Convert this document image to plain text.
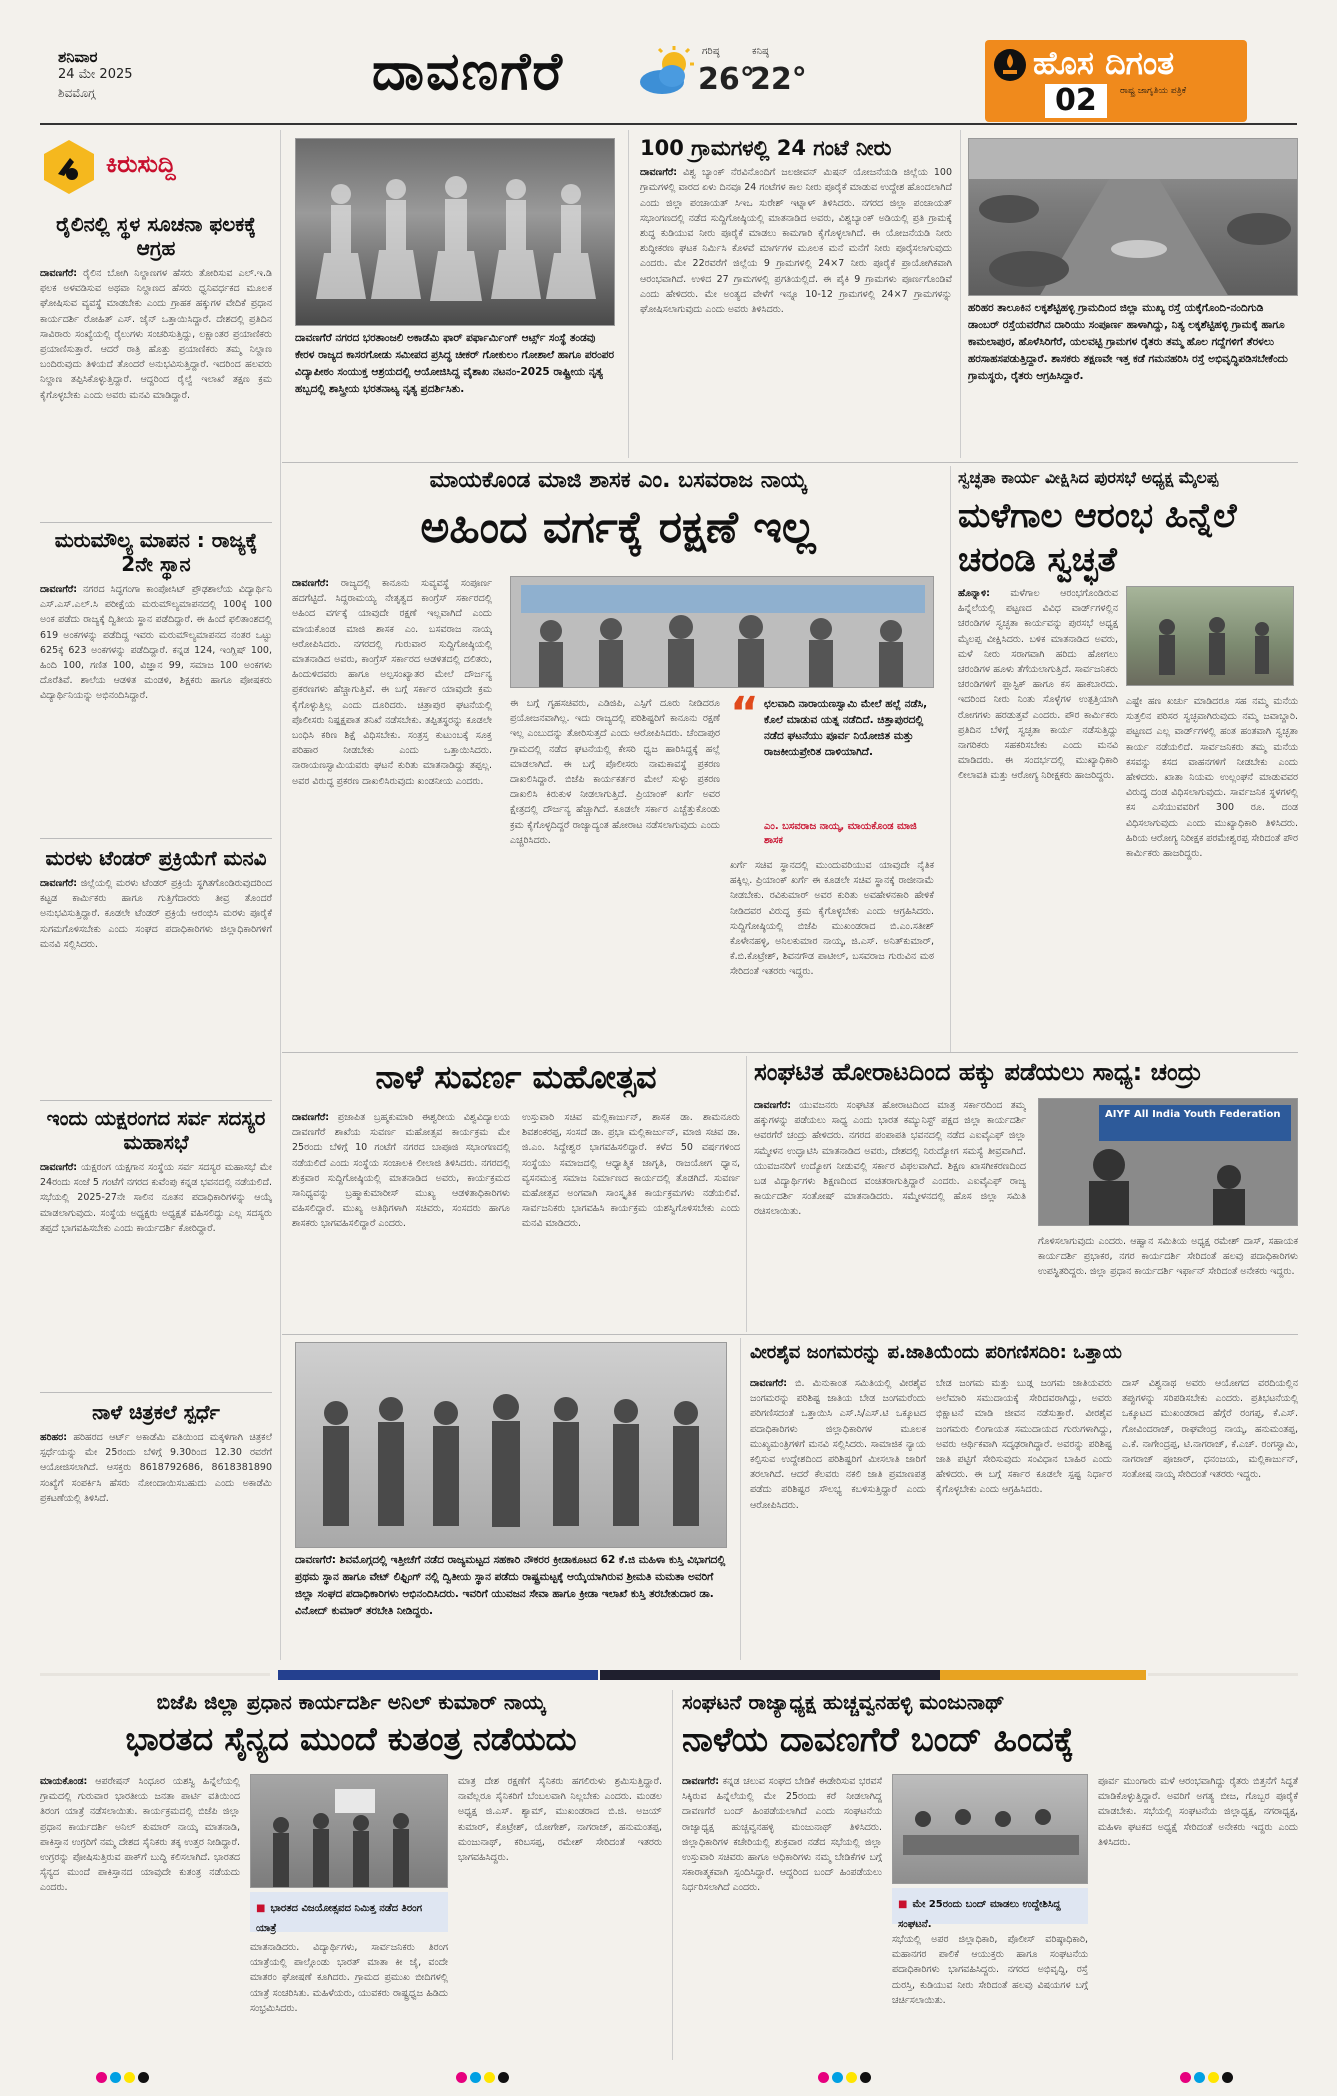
ಶನಿವಾರ
24 ಮೇ 2025
ಶಿವಮೊಗ್ಗ	ದಾವಣಗೆರೆ	ಗರಿಷ್ಠ
26°
ಕನಿಷ್ಠ
22°	ಹೊಸ ದಿಗಂತ
ರಾಷ್ಟ್ರ ಜಾಗೃತಿಯ ಪತ್ರಿಕೆ
02
ಕಿರುಸುದ್ದಿ
ರೈಲಿನಲ್ಲಿ ಸ್ಥಳ ಸೂಚನಾ ಫಲಕಕ್ಕೆ ಆಗ್ರಹ
ದಾವಣಗೆರೆ: ರೈಲಿನ ಬೋಗಿ ನಿಲ್ದಾಣಗಳ ಹೆಸರು ತೋರಿಸುವ ಎಲ್.ಇ.ಡಿ ಫಲಕ ಅಳವಡಿಸುವ ಅಥವಾ ನಿಲ್ದಾಣದ ಹೆಸರು ಧ್ವನಿವರ್ಧಕದ ಮೂಲಕ ಘೋಷಿಸುವ ವ್ಯವಸ್ಥೆ ಮಾಡಬೇಕು ಎಂದು ಗ್ರಾಹಕ ಹಕ್ಕುಗಳ ವೇದಿಕೆ ಪ್ರಧಾನ ಕಾರ್ಯದರ್ಶಿ ರೋಹಿತ್ ಎಸ್. ಜೈನ್ ಒತ್ತಾಯಿಸಿದ್ದಾರೆ. ದೇಶದಲ್ಲಿ ಪ್ರತಿದಿನ ಸಾವಿರಾರು ಸಂಖ್ಯೆಯಲ್ಲಿ ರೈಲುಗಳು ಸಂಚರಿಸುತ್ತಿದ್ದು, ಲಕ್ಷಾಂತರ ಪ್ರಯಾಣಿಕರು ಪ್ರಯಾಣಿಸುತ್ತಾರೆ. ಆದರೆ ರಾತ್ರಿ ಹೊತ್ತು ಪ್ರಯಾಣಿಕರು ತಮ್ಮ ನಿಲ್ದಾಣ ಬಂದಿರುವುದು ತಿಳಿಯದೆ ತೊಂದರೆ ಅನುಭವಿಸುತ್ತಿದ್ದಾರೆ. ಇದರಿಂದ ಹಲವರು ನಿಲ್ದಾಣ ತಪ್ಪಿಸಿಕೊಳ್ಳುತ್ತಿದ್ದಾರೆ. ಆದ್ದರಿಂದ ರೈಲ್ವೆ ಇಲಾಖೆ ತಕ್ಷಣ ಕ್ರಮ ಕೈಗೊಳ್ಳಬೇಕು ಎಂದು ಅವರು ಮನವಿ ಮಾಡಿದ್ದಾರೆ.
ಮರುಮೌಲ್ಯ ಮಾಪನ : ರಾಜ್ಯಕ್ಕೆ 2ನೇ ಸ್ಥಾನ
ದಾವಣಗೆರೆ: ನಗರದ ಸಿದ್ಧಗಂಗಾ ಕಾಂಪೋಸಿಟ್ ಪ್ರೌಢಶಾಲೆಯ ವಿದ್ಯಾರ್ಥಿನಿ ಎಸ್.ಎಸ್.ಎಲ್.ಸಿ ಪರೀಕ್ಷೆಯ ಮರುಮೌಲ್ಯಮಾಪನದಲ್ಲಿ 100ಕ್ಕೆ 100 ಅಂಕ ಪಡೆದು ರಾಜ್ಯಕ್ಕೆ ದ್ವಿತೀಯ ಸ್ಥಾನ ಪಡೆದಿದ್ದಾರೆ. ಈ ಹಿಂದೆ ಫಲಿತಾಂಶದಲ್ಲಿ 619 ಅಂಕಗಳನ್ನು ಪಡೆದಿದ್ದ ಇವರು ಮರುಮೌಲ್ಯಮಾಪನದ ನಂತರ ಒಟ್ಟು 625ಕ್ಕೆ 623 ಅಂಕಗಳನ್ನು ಪಡೆದಿದ್ದಾರೆ. ಕನ್ನಡ 124, ಇಂಗ್ಲಿಷ್ 100, ಹಿಂದಿ 100, ಗಣಿತ 100, ವಿಜ್ಞಾನ 99, ಸಮಾಜ 100 ಅಂಕಗಳು ದೊರೆತಿವೆ. ಶಾಲೆಯ ಆಡಳಿತ ಮಂಡಳಿ, ಶಿಕ್ಷಕರು ಹಾಗೂ ಪೋಷಕರು ವಿದ್ಯಾರ್ಥಿನಿಯನ್ನು ಅಭಿನಂದಿಸಿದ್ದಾರೆ.
ಮರಳು ಟೆಂಡರ್ ಪ್ರಕ್ರಿಯೆಗೆ ಮನವಿ
ದಾವಣಗೆರೆ: ಜಿಲ್ಲೆಯಲ್ಲಿ ಮರಳು ಟೆಂಡರ್ ಪ್ರಕ್ರಿಯೆ ಸ್ಥಗಿತಗೊಂಡಿರುವುದರಿಂದ ಕಟ್ಟಡ ಕಾರ್ಮಿಕರು ಹಾಗೂ ಗುತ್ತಿಗೆದಾರರು ತೀವ್ರ ತೊಂದರೆ ಅನುಭವಿಸುತ್ತಿದ್ದಾರೆ. ಕೂಡಲೇ ಟೆಂಡರ್ ಪ್ರಕ್ರಿಯೆ ಆರಂಭಿಸಿ ಮರಳು ಪೂರೈಕೆ ಸುಗಮಗೊಳಿಸಬೇಕು ಎಂದು ಸಂಘದ ಪದಾಧಿಕಾರಿಗಳು ಜಿಲ್ಲಾಧಿಕಾರಿಗಳಿಗೆ ಮನವಿ ಸಲ್ಲಿಸಿದರು.
ಇಂದು ಯಕ್ಷರಂಗದ ಸರ್ವ ಸದಸ್ಯರ ಮಹಾಸಭೆ
ದಾವಣಗೆರೆ: ಯಕ್ಷರಂಗ ಯಕ್ಷಗಾನ ಸಂಸ್ಥೆಯ ಸರ್ವ ಸದಸ್ಯರ ಮಹಾಸಭೆ ಮೇ 24ರಂದು ಸಂಜೆ 5 ಗಂಟೆಗೆ ನಗರದ ಕುವೆಂಪು ಕನ್ನಡ ಭವನದಲ್ಲಿ ನಡೆಯಲಿದೆ. ಸಭೆಯಲ್ಲಿ 2025-27ನೇ ಸಾಲಿನ ನೂತನ ಪದಾಧಿಕಾರಿಗಳನ್ನು ಆಯ್ಕೆ ಮಾಡಲಾಗುವುದು. ಸಂಸ್ಥೆಯ ಅಧ್ಯಕ್ಷರು ಅಧ್ಯಕ್ಷತೆ ವಹಿಸಲಿದ್ದು ಎಲ್ಲ ಸದಸ್ಯರು ತಪ್ಪದೆ ಭಾಗವಹಿಸಬೇಕು ಎಂದು ಕಾರ್ಯದರ್ಶಿ ಕೋರಿದ್ದಾರೆ.
ನಾಳೆ ಚಿತ್ರಕಲೆ ಸ್ಪರ್ಧೆ
ಹರಿಹರ: ಹರಿಹರದ ಆರ್ಟ್ ಅಕಾಡೆಮಿ ವತಿಯಿಂದ ಮಕ್ಕಳಿಗಾಗಿ ಚಿತ್ರಕಲೆ ಸ್ಪರ್ಧೆಯನ್ನು ಮೇ 25ರಂದು ಬೆಳಿಗ್ಗೆ 9.30ರಿಂದ 12.30 ರವರೆಗೆ ಆಯೋಜಿಸಲಾಗಿದೆ. ಆಸಕ್ತರು 8618792686, 8618381890 ಸಂಖ್ಯೆಗೆ ಸಂಪರ್ಕಿಸಿ ಹೆಸರು ನೋಂದಾಯಿಸಬಹುದು ಎಂದು ಅಕಾಡೆಮಿ ಪ್ರಕಟಣೆಯಲ್ಲಿ ತಿಳಿಸಿದೆ.
ದಾವಣಗೆರೆ ನಗರದ ಭರತಾಂಜಲಿ ಅಕಾಡೆಮಿ ಫಾರ್ ಪರ್ಫಾರ್ಮಿಂಗ್ ಆರ್ಟ್ಸ್ ಸಂಸ್ಥೆ ತಂಡವು ಕೇರಳ ರಾಜ್ಯದ ಕಾಸರಗೋಡು ಸಮೀಪದ ಪ್ರಸಿದ್ಧ ಚೀಕರ್ ಗೋಕುಲಂ ಗೋಶಾಲೆ ಹಾಗೂ ಪರಂಪರ ವಿದ್ಯಾಪೀಠಂ ಸಂಯುಕ್ತ ಆಶ್ರಯದಲ್ಲಿ ಆಯೋಜಿಸಿದ್ದ ವೈಶಾಖ ನಟನಂ-2025 ರಾಷ್ಟ್ರೀಯ ನೃತ್ಯ ಹಬ್ಬದಲ್ಲಿ ಶಾಸ್ತ್ರೀಯ ಭರತನಾಟ್ಯ ನೃತ್ಯ ಪ್ರದರ್ಶಿಸಿತು.
100 ಗ್ರಾಮಗಳಲ್ಲಿ 24 ಗಂಟೆ ನೀರು
ದಾವಣಗೆರೆ: ವಿಶ್ವ ಬ್ಯಾಂಕ್ ನೆರವಿನೊಂದಿಗೆ ಜಲಜೀವನ್ ಮಿಷನ್ ಯೋಜನೆಯಡಿ ಜಿಲ್ಲೆಯ 100 ಗ್ರಾಮಗಳಲ್ಲಿ ವಾರದ ಏಳು ದಿನವೂ 24 ಗಂಟೆಗಳ ಕಾಲ ನೀರು ಪೂರೈಕೆ ಮಾಡುವ ಉದ್ದೇಶ ಹೊಂದಲಾಗಿದೆ ಎಂದು ಜಿಲ್ಲಾ ಪಂಚಾಯತ್ ಸಿಇಒ ಸುರೇಶ್ ಇಟ್ನಾಳ್ ತಿಳಿಸಿದರು. ನಗರದ ಜಿಲ್ಲಾ ಪಂಚಾಯತ್ ಸಭಾಂಗಣದಲ್ಲಿ ನಡೆದ ಸುದ್ದಿಗೋಷ್ಠಿಯಲ್ಲಿ ಮಾತನಾಡಿದ ಅವರು, ವಿಶ್ವಬ್ಯಾಂಕ್ ಅಡಿಯಲ್ಲಿ ಪ್ರತಿ ಗ್ರಾಮಕ್ಕೆ ಶುದ್ಧ ಕುಡಿಯುವ ನೀರು ಪೂರೈಕೆ ಮಾಡಲು ಕಾಮಗಾರಿ ಕೈಗೊಳ್ಳಲಾಗಿದೆ. ಈ ಯೋಜನೆಯಡಿ ನೀರು ಶುದ್ಧೀಕರಣ ಘಟಕ ನಿರ್ಮಿಸಿ ಕೊಳವೆ ಮಾರ್ಗಗಳ ಮೂಲಕ ಮನೆ ಮನೆಗೆ ನೀರು ಪೂರೈಸಲಾಗುವುದು ಎಂದರು. ಮೇ 22ರವರೆಗೆ ಜಿಲ್ಲೆಯ 9 ಗ್ರಾಮಗಳಲ್ಲಿ 24×7 ನೀರು ಪೂರೈಕೆ ಪ್ರಾಯೋಗಿಕವಾಗಿ ಆರಂಭವಾಗಿದೆ. ಉಳಿದ 27 ಗ್ರಾಮಗಳಲ್ಲಿ ಪ್ರಗತಿಯಲ್ಲಿದೆ. ಈ ಪೈಕಿ 9 ಗ್ರಾಮಗಳು ಪೂರ್ಣಗೊಂಡಿವೆ ಎಂದು ಹೇಳಿದರು. ಮೇ ಅಂತ್ಯದ ವೇಳೆಗೆ ಇನ್ನೂ 10-12 ಗ್ರಾಮಗಳಲ್ಲಿ 24×7 ಗ್ರಾಮಗಳನ್ನು ಘೋಷಿಸಲಾಗುವುದು ಎಂದು ಅವರು ತಿಳಿಸಿದರು.	ಹರಿಹರ ತಾಲೂಕಿನ ಲಕ್ಕಶೆಟ್ಟಿಹಳ್ಳಿ ಗ್ರಾಮದಿಂದ ಜಿಲ್ಲಾ ಮುಖ್ಯ ರಸ್ತೆ ಯಕ್ಕೆಗೊಂದಿ-ನಂದಿಗುಡಿ ಡಾಂಬರ್ ರಸ್ತೆಯವರೆಗಿನ ದಾರಿಯು ಸಂಪೂರ್ಣ ಹಾಳಾಗಿದ್ದು, ನಿತ್ಯ ಲಕ್ಕಶೆಟ್ಟಿಹಳ್ಳಿ ಗ್ರಾಮಕ್ಕೆ ಹಾಗೂ ಕಾಮಲಾಪುರ, ಹೊಳೆಸಿರಿಗೆರೆ, ಯಲವಟ್ಟಿ ಗ್ರಾಮಗಳ ರೈತರು ತಮ್ಮ ಹೊಲ ಗದ್ದೆಗಳಿಗೆ ತೆರಳಲು ಹರಸಾಹಸಪಡುತ್ತಿದ್ದಾರೆ. ಶಾಸಕರು ತಕ್ಷಣವೇ ಇತ್ತ ಕಡೆ ಗಮನಹರಿಸಿ ರಸ್ತೆ ಅಭಿವೃದ್ಧಿಪಡಿಸಬೇಕೆಂದು ಗ್ರಾಮಸ್ಥರು, ರೈತರು ಆಗ್ರಹಿಸಿದ್ದಾರೆ.
ಮಾಯಕೊಂಡ ಮಾಜಿ ಶಾಸಕ ಎಂ. ಬಸವರಾಜ ನಾಯ್ಕ
ಅಹಿಂದ ವರ್ಗಕ್ಕೆ ರಕ್ಷಣೆ ಇಲ್ಲ
ದಾವಣಗೆರೆ: ರಾಜ್ಯದಲ್ಲಿ ಕಾನೂನು ಸುವ್ಯವಸ್ಥೆ ಸಂಪೂರ್ಣ ಹದಗೆಟ್ಟಿದೆ. ಸಿದ್ದರಾಮಯ್ಯ ನೇತೃತ್ವದ ಕಾಂಗ್ರೆಸ್ ಸರ್ಕಾರದಲ್ಲಿ ಅಹಿಂದ ವರ್ಗಕ್ಕೆ ಯಾವುದೇ ರಕ್ಷಣೆ ಇಲ್ಲವಾಗಿದೆ ಎಂದು ಮಾಯಕೊಂಡ ಮಾಜಿ ಶಾಸಕ ಎಂ. ಬಸವರಾಜ ನಾಯ್ಕ ಆರೋಪಿಸಿದರು. ನಗರದಲ್ಲಿ ಗುರುವಾರ ಸುದ್ದಿಗೋಷ್ಠಿಯಲ್ಲಿ ಮಾತನಾಡಿದ ಅವರು, ಕಾಂಗ್ರೆಸ್ ಸರ್ಕಾರದ ಆಡಳಿತದಲ್ಲಿ ದಲಿತರು, ಹಿಂದುಳಿದವರು ಹಾಗೂ ಅಲ್ಪಸಂಖ್ಯಾತರ ಮೇಲೆ ದೌರ್ಜನ್ಯ ಪ್ರಕರಣಗಳು ಹೆಚ್ಚಾಗುತ್ತಿವೆ. ಈ ಬಗ್ಗೆ ಸರ್ಕಾರ ಯಾವುದೇ ಕ್ರಮ ಕೈಗೊಳ್ಳುತ್ತಿಲ್ಲ ಎಂದು ದೂರಿದರು. ಚಿತ್ರಾಪುರ ಘಟನೆಯಲ್ಲಿ ಪೊಲೀಸರು ನಿಷ್ಪಕ್ಷಪಾತ ತನಿಖೆ ನಡೆಸಬೇಕು. ತಪ್ಪಿತಸ್ಥರನ್ನು ಕೂಡಲೇ ಬಂಧಿಸಿ ಕಠಿಣ ಶಿಕ್ಷೆ ವಿಧಿಸಬೇಕು. ಸಂತ್ರಸ್ತ ಕುಟುಂಬಕ್ಕೆ ಸೂಕ್ತ ಪರಿಹಾರ ನೀಡಬೇಕು ಎಂದು ಒತ್ತಾಯಿಸಿದರು. ನಾರಾಯಣಸ್ವಾಮಿಯವರು ಘಟನೆ ಕುರಿತು ಮಾತನಾಡಿದ್ದು ತಪ್ಪಲ್ಲ. ಅವರ ವಿರುದ್ಧ ಪ್ರಕರಣ ದಾಖಲಿಸಿರುವುದು ಖಂಡನೀಯ ಎಂದರು.
ಈ ಬಗ್ಗೆ ಗೃಹಸಚಿವರು, ಎಡಿಜಿಪಿ, ಎಸ್ಪಿಗೆ ದೂರು ನೀಡಿದರೂ ಪ್ರಯೋಜನವಾಗಿಲ್ಲ. ಇದು ರಾಜ್ಯದಲ್ಲಿ ಪರಿಶಿಷ್ಟರಿಗೆ ಕಾನೂನು ರಕ್ಷಣೆ ಇಲ್ಲ ಎಂಬುದನ್ನು ತೋರಿಸುತ್ತದೆ ಎಂದು ಆರೋಪಿಸಿದರು. ಚೆಂದಾಪುರ ಗ್ರಾಮದಲ್ಲಿ ನಡೆದ ಘಟನೆಯಲ್ಲಿ ಕೇಸರಿ ಧ್ವಜ ಹಾರಿಸಿದ್ದಕ್ಕೆ ಹಲ್ಲೆ ಮಾಡಲಾಗಿದೆ. ಈ ಬಗ್ಗೆ ಪೊಲೀಸರು ನಾಮಕಾವಸ್ಥೆ ಪ್ರಕರಣ ದಾಖಲಿಸಿದ್ದಾರೆ. ಬಿಜೆಪಿ ಕಾರ್ಯಕರ್ತರ ಮೇಲೆ ಸುಳ್ಳು ಪ್ರಕರಣ ದಾಖಲಿಸಿ ಕಿರುಕುಳ ನೀಡಲಾಗುತ್ತಿದೆ. ಪ್ರಿಯಾಂಕ್ ಖರ್ಗೆ ಅವರ ಕ್ಷೇತ್ರದಲ್ಲಿ ದೌರ್ಜನ್ಯ ಹೆಚ್ಚಾಗಿದೆ. ಕೂಡಲೇ ಸರ್ಕಾರ ಎಚ್ಚೆತ್ತುಕೊಂಡು ಕ್ರಮ ಕೈಗೊಳ್ಳದಿದ್ದರೆ ರಾಜ್ಯಾದ್ಯಂತ ಹೋರಾಟ ನಡೆಸಲಾಗುವುದು ಎಂದು ಎಚ್ಚರಿಸಿದರು.
“ ಛಲವಾದಿ ನಾರಾಯಣಸ್ವಾಮಿ ಮೇಲೆ ಹಲ್ಲೆ ನಡೆಸಿ, ಕೊಲೆ ಮಾಡುವ ಯತ್ನ ನಡೆದಿದೆ. ಚಿತ್ತಾಪುರದಲ್ಲಿ ನಡೆದ ಘಟನೆಯು ಪೂರ್ವ ನಿಯೋಜಿತ ಮತ್ತು ರಾಜಕೀಯಪ್ರೇರಿತ ದಾಳಿಯಾಗಿದೆ.
ಎಂ. ಬಸವರಾಜ ನಾಯ್ಕ, ಮಾಯಕೊಂಡ ಮಾಜಿ ಶಾಸಕ
ಖರ್ಗೆ ಸಚಿವ ಸ್ಥಾನದಲ್ಲಿ ಮುಂದುವರಿಯುವ ಯಾವುದೇ ನೈತಿಕ ಹಕ್ಕಿಲ್ಲ. ಪ್ರಿಯಾಂಕ್ ಖರ್ಗೆ ಈ ಕೂಡಲೇ ಸಚಿವ ಸ್ಥಾನಕ್ಕೆ ರಾಜೀನಾಮೆ ನೀಡಬೇಕು. ರವಿಕುಮಾರ್ ಅವರ ಕುರಿತು ಅವಹೇಳನಕಾರಿ ಹೇಳಿಕೆ ನೀಡಿದವರ ವಿರುದ್ಧ ಕ್ರಮ ಕೈಗೊಳ್ಳಬೇಕು ಎಂದು ಆಗ್ರಹಿಸಿದರು. ಸುದ್ದಿಗೋಷ್ಠಿಯಲ್ಲಿ ಬಿಜೆಪಿ ಮುಖಂಡರಾದ ಬಿ.ಎಂ.ಸತೀಶ್ ಕೊಳೇನಹಳ್ಳಿ, ಅನಿಲಕುಮಾರ ನಾಯ್ಕ, ಜಿ.ಎಸ್. ಅನಿತ್‌ಕುಮಾರ್, ಕೆ.ಬಿ.ಕೊಟ್ರೇಶ್, ಶಿವನಗೌಡ ಪಾಟೀಲ್, ಬಸವರಾಜ ಗುರುವಿನ ಮಠ ಸೇರಿದಂತೆ ಇತರರು ಇದ್ದರು.
ಸ್ವಚ್ಛತಾ ಕಾರ್ಯ ವೀಕ್ಷಿಸಿದ ಪುರಸಭೆ ಅಧ್ಯಕ್ಷ ಮೈಲಪ್ಪ
ಮಳೆಗಾಲ ಆರಂಭ ಹಿನ್ನೆಲೆ ಚರಂಡಿ ಸ್ವಚ್ಛತೆ
ಹೊನ್ನಾಳಿ: ಮಳೆಗಾಲ ಆರಂಭಗೊಂಡಿರುವ ಹಿನ್ನೆಲೆಯಲ್ಲಿ ಪಟ್ಟಣದ ವಿವಿಧ ವಾರ್ಡ್‌ಗಳಲ್ಲಿನ ಚರಂಡಿಗಳ ಸ್ವಚ್ಛತಾ ಕಾರ್ಯವನ್ನು ಪುರಸಭೆ ಅಧ್ಯಕ್ಷ ಮೈಲಪ್ಪ ವೀಕ್ಷಿಸಿದರು. ಬಳಿಕ ಮಾತನಾಡಿದ ಅವರು, ಮಳೆ ನೀರು ಸರಾಗವಾಗಿ ಹರಿದು ಹೋಗಲು ಚರಂಡಿಗಳ ಹೂಳು ತೆಗೆಯಲಾಗುತ್ತಿದೆ. ಸಾರ್ವಜನಿಕರು ಚರಂಡಿಗಳಿಗೆ ಪ್ಲಾಸ್ಟಿಕ್ ಹಾಗೂ ಕಸ ಹಾಕಬಾರದು. ಇದರಿಂದ ನೀರು ನಿಂತು ಸೊಳ್ಳೆಗಳ ಉತ್ಪತ್ತಿಯಾಗಿ ರೋಗಗಳು ಹರಡುತ್ತವೆ ಎಂದರು. ಪೌರ ಕಾರ್ಮಿಕರು ಪ್ರತಿದಿನ ಬೆಳಿಗ್ಗೆ ಸ್ವಚ್ಛತಾ ಕಾರ್ಯ ನಡೆಸುತ್ತಿದ್ದು ನಾಗರಿಕರು ಸಹಕರಿಸಬೇಕು ಎಂದು ಮನವಿ ಮಾಡಿದರು. ಈ ಸಂದರ್ಭದಲ್ಲಿ ಮುಖ್ಯಾಧಿಕಾರಿ ಲೀಲಾವತಿ ಮತ್ತು ಆರೋಗ್ಯ ನಿರೀಕ್ಷಕರು ಹಾಜರಿದ್ದರು.
ಎಷ್ಟೇ ಹಣ ಖರ್ಚು ಮಾಡಿದರೂ ಸಹ ನಮ್ಮ ಮನೆಯ ಸುತ್ತಲಿನ ಪರಿಸರ ಸ್ವಚ್ಛವಾಗಿರುವುದು ನಮ್ಮ ಜವಾಬ್ದಾರಿ. ಪಟ್ಟಣದ ಎಲ್ಲ ವಾರ್ಡ್‌ಗಳಲ್ಲಿ ಹಂತ ಹಂತವಾಗಿ ಸ್ವಚ್ಛತಾ ಕಾರ್ಯ ನಡೆಯಲಿದೆ. ಸಾರ್ವಜನಿಕರು ತಮ್ಮ ಮನೆಯ ಕಸವನ್ನು ಕಸದ ವಾಹನಗಳಿಗೆ ನೀಡಬೇಕು ಎಂದು ಹೇಳಿದರು. ಖಾತಾ ನಿಯಮ ಉಲ್ಲಂಘನೆ ಮಾಡುವವರ ವಿರುದ್ಧ ದಂಡ ವಿಧಿಸಲಾಗುವುದು. ಸಾರ್ವಜನಿಕ ಸ್ಥಳಗಳಲ್ಲಿ ಕಸ ಎಸೆಯುವವರಿಗೆ 300 ರೂ. ದಂಡ ವಿಧಿಸಲಾಗುವುದು ಎಂದು ಮುಖ್ಯಾಧಿಕಾರಿ ತಿಳಿಸಿದರು. ಹಿರಿಯ ಆರೋಗ್ಯ ನಿರೀಕ್ಷಕ ಪರಮೇಶ್ವರಪ್ಪ ಸೇರಿದಂತೆ ಪೌರ ಕಾರ್ಮಿಕರು ಹಾಜರಿದ್ದರು.
ನಾಳೆ ಸುವರ್ಣ ಮಹೋತ್ಸವ
ದಾವಣಗೆರೆ: ಪ್ರಜಾಪಿತ ಬ್ರಹ್ಮಕುಮಾರಿ ಈಶ್ವರೀಯ ವಿಶ್ವವಿದ್ಯಾಲಯ ದಾವಣಗೆರೆ ಶಾಖೆಯ ಸುವರ್ಣ ಮಹೋತ್ಸವ ಕಾರ್ಯಕ್ರಮ ಮೇ 25ರಂದು ಬೆಳಿಗ್ಗೆ 10 ಗಂಟೆಗೆ ನಗರದ ಬಾಪೂಜಿ ಸಭಾಂಗಣದಲ್ಲಿ ನಡೆಯಲಿದೆ ಎಂದು ಸಂಸ್ಥೆಯ ಸಂಚಾಲಕಿ ಲೀಲಾಜಿ ತಿಳಿಸಿದರು. ನಗರದಲ್ಲಿ ಶುಕ್ರವಾರ ಸುದ್ದಿಗೋಷ್ಠಿಯಲ್ಲಿ ಮಾತನಾಡಿದ ಅವರು, ಕಾರ್ಯಕ್ರಮದ ಸಾನಿಧ್ಯವನ್ನು ಬ್ರಹ್ಮಾಕುಮಾರೀಸ್ ಮುಖ್ಯ ಆಡಳಿತಾಧಿಕಾರಿಗಳು ವಹಿಸಲಿದ್ದಾರೆ. ಮುಖ್ಯ ಅತಿಥಿಗಳಾಗಿ ಸಚಿವರು, ಸಂಸದರು ಹಾಗೂ ಶಾಸಕರು ಭಾಗವಹಿಸಲಿದ್ದಾರೆ ಎಂದರು.
ಉಸ್ತುವಾರಿ ಸಚಿವ ಮಲ್ಲಿಕಾರ್ಜುನ್, ಶಾಸಕ ಡಾ. ಶಾಮನೂರು ಶಿವಶಂಕರಪ್ಪ, ಸಂಸದೆ ಡಾ. ಪ್ರಭಾ ಮಲ್ಲಿಕಾರ್ಜುನ್, ಮಾಜಿ ಸಚಿವ ಡಾ. ಜಿ.ಎಂ. ಸಿದ್ದೇಶ್ವರ ಭಾಗವಹಿಸಲಿದ್ದಾರೆ. ಕಳೆದ 50 ವರ್ಷಗಳಿಂದ ಸಂಸ್ಥೆಯು ಸಮಾಜದಲ್ಲಿ ಆಧ್ಯಾತ್ಮಿಕ ಜಾಗೃತಿ, ರಾಜಯೋಗ ಧ್ಯಾನ, ವ್ಯಸನಮುಕ್ತ ಸಮಾಜ ನಿರ್ಮಾಣದ ಕಾರ್ಯದಲ್ಲಿ ತೊಡಗಿದೆ. ಸುವರ್ಣ ಮಹೋತ್ಸವ ಅಂಗವಾಗಿ ಸಾಂಸ್ಕೃತಿಕ ಕಾರ್ಯಕ್ರಮಗಳು ನಡೆಯಲಿವೆ. ಸಾರ್ವಜನಿಕರು ಭಾಗವಹಿಸಿ ಕಾರ್ಯಕ್ರಮ ಯಶಸ್ವಿಗೊಳಿಸಬೇಕು ಎಂದು ಮನವಿ ಮಾಡಿದರು.
ಸಂಘಟಿತ ಹೋರಾಟದಿಂದ ಹಕ್ಕು ಪಡೆಯಲು ಸಾಧ್ಯ: ಚಂದ್ರು
ದಾವಣಗೆರೆ: ಯುವಜನರು ಸಂಘಟಿತ ಹೋರಾಟದಿಂದ ಮಾತ್ರ ಸರ್ಕಾರದಿಂದ ತಮ್ಮ ಹಕ್ಕುಗಳನ್ನು ಪಡೆಯಲು ಸಾಧ್ಯ ಎಂದು ಭಾರತ ಕಮ್ಯುನಿಸ್ಟ್ ಪಕ್ಷದ ಜಿಲ್ಲಾ ಕಾರ್ಯದರ್ಶಿ ಆವರಗೆರೆ ಚಂದ್ರು ಹೇಳಿದರು. ನಗರದ ಪಂಪಾಪತಿ ಭವನದಲ್ಲಿ ನಡೆದ ಎಐವೈಎಫ್ ಜಿಲ್ಲಾ ಸಮ್ಮೇಳನ ಉದ್ಘಾಟಿಸಿ ಮಾತನಾಡಿದ ಅವರು, ದೇಶದಲ್ಲಿ ನಿರುದ್ಯೋಗ ಸಮಸ್ಯೆ ತೀವ್ರವಾಗಿದೆ. ಯುವಜನರಿಗೆ ಉದ್ಯೋಗ ನೀಡುವಲ್ಲಿ ಸರ್ಕಾರ ವಿಫಲವಾಗಿದೆ. ಶಿಕ್ಷಣ ಖಾಸಗೀಕರಣದಿಂದ ಬಡ ವಿದ್ಯಾರ್ಥಿಗಳು ಶಿಕ್ಷಣದಿಂದ ವಂಚಿತರಾಗುತ್ತಿದ್ದಾರೆ ಎಂದರು. ಎಐವೈಎಫ್ ರಾಜ್ಯ ಕಾರ್ಯದರ್ಶಿ ಸಂತೋಷ್ ಮಾತನಾಡಿದರು. ಸಮ್ಮೇಳನದಲ್ಲಿ ಹೊಸ ಜಿಲ್ಲಾ ಸಮಿತಿ ರಚಿಸಲಾಯಿತು.
AIYF All India Youth Federation
ಗೊಳಿಸಲಾಗುವುದು ಎಂದರು. ಆಹ್ವಾನ ಸಮಿತಿಯ ಅಧ್ಯಕ್ಷ ರಮೇಶ್ ದಾಸ್, ಸಹಾಯಕ ಕಾರ್ಯದರ್ಶಿ ಪ್ರಭಾಕರ, ನಗರ ಕಾರ್ಯದರ್ಶಿ ಸೇರಿದಂತೆ ಹಲವು ಪದಾಧಿಕಾರಿಗಳು ಉಪಸ್ಥಿತರಿದ್ದರು. ಜಿಲ್ಲಾ ಪ್ರಧಾನ ಕಾರ್ಯದರ್ಶಿ ಇರ್ಫಾನ್ ಸೇರಿದಂತೆ ಅನೇಕರು ಇದ್ದರು.
ದಾವಣಗೆರೆ: ಶಿವಮೊಗ್ಗದಲ್ಲಿ ಇತ್ತೀಚೆಗೆ ನಡೆದ ರಾಜ್ಯಮಟ್ಟದ ಸಹಕಾರಿ ನೌಕರರ ಕ್ರೀಡಾಕೂಟದ 62 ಕೆ.ಜಿ ಮಹಿಳಾ ಕುಸ್ತಿ ವಿಭಾಗದಲ್ಲಿ ಪ್ರಥಮ ಸ್ಥಾನ ಹಾಗೂ ವೇಟ್ ಲಿಫ್ಟಿಂಗ್ ನಲ್ಲಿ ದ್ವಿತೀಯ ಸ್ಥಾನ ಪಡೆದು ರಾಷ್ಟ್ರಮಟ್ಟಕ್ಕೆ ಆಯ್ಕೆಯಾಗಿರುವ ಶ್ರೀಮತಿ ಮಮತಾ ಅವರಿಗೆ ಜಿಲ್ಲಾ ಸಂಘದ ಪದಾಧಿಕಾರಿಗಳು ಅಭಿನಂದಿಸಿದರು. ಇವರಿಗೆ ಯುವಜನ ಸೇವಾ ಹಾಗೂ ಕ್ರೀಡಾ ಇಲಾಖೆ ಕುಸ್ತಿ ತರಬೇತುದಾರ ಡಾ. ವಿನೋದ್ ಕುಮಾರ್ ತರಬೇತಿ ನೀಡಿದ್ದರು.
ವೀರಶೈವ ಜಂಗಮರನ್ನು ಪ.ಜಾತಿಯೆಂದು ಪರಿಗಣಿಸದಿರಿ: ಒತ್ತಾಯ
ದಾವಣಗೆರೆ: ಬಿ. ಮಿನುಕಾಂತ ಸಮಿತಿಯಲ್ಲಿ ವೀರಶೈವ ಜಂಗಮರನ್ನು ಪರಿಶಿಷ್ಟ ಜಾತಿಯ ಬೇಡ ಜಂಗಮರೆಂದು ಪರಿಗಣಿಸದಂತೆ ಒತ್ತಾಯಿಸಿ ಎಸ್.ಸಿ/ಎಸ್.ಟಿ ಒಕ್ಕೂಟದ ಪದಾಧಿಕಾರಿಗಳು ಜಿಲ್ಲಾಧಿಕಾರಿಗಳ ಮೂಲಕ ಮುಖ್ಯಮಂತ್ರಿಗಳಿಗೆ ಮನವಿ ಸಲ್ಲಿಸಿದರು. ಸಾಮಾಜಿಕ ನ್ಯಾಯ ಕಲ್ಪಿಸುವ ಉದ್ದೇಶದಿಂದ ಪರಿಶಿಷ್ಟರಿಗೆ ಮೀಸಲಾತಿ ಜಾರಿಗೆ ತರಲಾಗಿದೆ. ಆದರೆ ಕೆಲವರು ನಕಲಿ ಜಾತಿ ಪ್ರಮಾಣಪತ್ರ ಪಡೆದು ಪರಿಶಿಷ್ಟರ ಸೌಲಭ್ಯ ಕಬಳಿಸುತ್ತಿದ್ದಾರೆ ಎಂದು ಆರೋಪಿಸಿದರು.
ಬೇಡ ಜಂಗಮ ಮತ್ತು ಬುಡ್ಗ ಜಂಗಮ ಜಾತಿಯವರು ಅಲೆಮಾರಿ ಸಮುದಾಯಕ್ಕೆ ಸೇರಿದವರಾಗಿದ್ದು, ಅವರು ಭಿಕ್ಷಾಟನೆ ಮಾಡಿ ಜೀವನ ನಡೆಸುತ್ತಾರೆ. ವೀರಶೈವ ಜಂಗಮರು ಲಿಂಗಾಯತ ಸಮುದಾಯದ ಗುರುಗಳಾಗಿದ್ದು, ಅವರು ಆರ್ಥಿಕವಾಗಿ ಸದೃಢರಾಗಿದ್ದಾರೆ. ಅವರನ್ನು ಪರಿಶಿಷ್ಟ ಜಾತಿ ಪಟ್ಟಿಗೆ ಸೇರಿಸುವುದು ಸಂವಿಧಾನ ಬಾಹಿರ ಎಂದು ಹೇಳಿದರು. ಈ ಬಗ್ಗೆ ಸರ್ಕಾರ ಕೂಡಲೇ ಸ್ಪಷ್ಟ ನಿರ್ಧಾರ ಕೈಗೊಳ್ಳಬೇಕು ಎಂದು ಆಗ್ರಹಿಸಿದರು.
ದಾಸ್ ವಿಶ್ವನಾಥ ಅವರು ಆಯೋಗದ ವರದಿಯಲ್ಲಿನ ತಪ್ಪುಗಳನ್ನು ಸರಿಪಡಿಸಬೇಕು ಎಂದರು. ಪ್ರತಿಭಟನೆಯಲ್ಲಿ ಒಕ್ಕೂಟದ ಮುಖಂಡರಾದ ಹೆಗ್ಗೆರೆ ರಂಗಪ್ಪ, ಕೆ.ಎಸ್. ಗೋವಿಂದರಾಜ್, ರಾಘವೇಂದ್ರ ನಾಯ್ಕ, ಹನುಮಂತಪ್ಪ, ಎ.ಕೆ. ನಾಗೇಂದ್ರಪ್ಪ, ಟಿ.ನಾಗರಾಜ್, ಕೆ.ಎಚ್. ರಂಗಸ್ವಾಮಿ, ನಾಗರಾಜ್ ಪೂಜಾರ್, ಧನಂಜಯ, ಮಲ್ಲಿಕಾರ್ಜುನ್, ಸಂತೋಷ ನಾಯ್ಕ ಸೇರಿದಂತೆ ಇತರರು ಇದ್ದರು.
ಬಿಜೆಪಿ ಜಿಲ್ಲಾ ಪ್ರಧಾನ ಕಾರ್ಯದರ್ಶಿ ಅನಿಲ್ ಕುಮಾರ್ ನಾಯ್ಕ
ಭಾರತದ ಸೈನ್ಯದ ಮುಂದೆ ಕುತಂತ್ರ ನಡೆಯದು
ಮಾಯಕೊಂಡ: ಆಪರೇಷನ್ ಸಿಂಧೂರ ಯಶಸ್ವಿ ಹಿನ್ನೆಲೆಯಲ್ಲಿ ಗ್ರಾಮದಲ್ಲಿ ಗುರುವಾರ ಭಾರತೀಯ ಜನತಾ ಪಾರ್ಟಿ ವತಿಯಿಂದ ತಿರಂಗ ಯಾತ್ರೆ ನಡೆಸಲಾಯಿತು. ಕಾರ್ಯಕ್ರಮದಲ್ಲಿ ಬಿಜೆಪಿ ಜಿಲ್ಲಾ ಪ್ರಧಾನ ಕಾರ್ಯದರ್ಶಿ ಅನಿಲ್ ಕುಮಾರ್ ನಾಯ್ಕ ಮಾತನಾಡಿ, ಪಾಕಿಸ್ತಾನ ಉಗ್ರರಿಗೆ ನಮ್ಮ ದೇಶದ ಸೈನಿಕರು ತಕ್ಕ ಉತ್ತರ ನೀಡಿದ್ದಾರೆ. ಉಗ್ರರನ್ನು ಪೋಷಿಸುತ್ತಿರುವ ಪಾಕ್‌ಗೆ ಬುದ್ಧಿ ಕಲಿಸಲಾಗಿದೆ. ಭಾರತದ ಸೈನ್ಯದ ಮುಂದೆ ಪಾಕಿಸ್ತಾನದ ಯಾವುದೇ ಕುತಂತ್ರ ನಡೆಯದು ಎಂದರು.
■ ಭಾರತದ ವಿಜಯೋತ್ಸವದ ನಿಮಿತ್ತ ನಡೆದ ತಿರಂಗ ಯಾತ್ರೆ
ಮಾತನಾಡಿದರು. ವಿದ್ಯಾರ್ಥಿಗಳು, ಸಾರ್ವಜನಿಕರು ತಿರಂಗ ಯಾತ್ರೆಯಲ್ಲಿ ಪಾಲ್ಗೊಂಡು ಭಾರತ್ ಮಾತಾ ಕೀ ಜೈ, ವಂದೇ ಮಾತರಂ ಘೋಷಣೆ ಕೂಗಿದರು. ಗ್ರಾಮದ ಪ್ರಮುಖ ಬೀದಿಗಳಲ್ಲಿ ಯಾತ್ರೆ ಸಂಚರಿಸಿತು. ಮಹಿಳೆಯರು, ಯುವಕರು ರಾಷ್ಟ್ರಧ್ವಜ ಹಿಡಿದು ಸಂಭ್ರಮಿಸಿದರು.
ಮಾತ್ರ ದೇಶ ರಕ್ಷಣೆಗೆ ಸೈನಿಕರು ಹಗಲಿರುಳು ಶ್ರಮಿಸುತ್ತಿದ್ದಾರೆ. ನಾವೆಲ್ಲರೂ ಸೈನಿಕರಿಗೆ ಬೆಂಬಲವಾಗಿ ನಿಲ್ಲಬೇಕು ಎಂದರು. ಮಂಡಲ ಅಧ್ಯಕ್ಷ ಜಿ.ಎಸ್. ಶ್ಯಾಮ್, ಮುಖಂಡರಾದ ಬಿ.ಜಿ. ಅಜಯ್ ಕುಮಾರ್, ಕೊಟ್ರೇಶ್, ಯೋಗೇಶ್, ನಾಗರಾಜ್, ಹನುಮಂತಪ್ಪ, ಮಂಜುನಾಥ್, ಕರಿಬಸಪ್ಪ, ರಮೇಶ್ ಸೇರಿದಂತೆ ಇತರರು ಭಾಗವಹಿಸಿದ್ದರು.
ಸಂಘಟನೆ ರಾಜ್ಯಾಧ್ಯಕ್ಷ ಹುಚ್ಚವ್ವನಹಳ್ಳಿ ಮಂಜುನಾಥ್
ನಾಳೆಯ ದಾವಣಗೆರೆ ಬಂದ್ ಹಿಂದಕ್ಕೆ
ದಾವಣಗೆರೆ: ಕನ್ನಡ ಚಲುವ ಸಂಘದ ಬೇಡಿಕೆ ಈಡೇರಿಸುವ ಭರವಸೆ ಸಿಕ್ಕಿರುವ ಹಿನ್ನೆಲೆಯಲ್ಲಿ ಮೇ 25ರಂದು ಕರೆ ನೀಡಲಾಗಿದ್ದ ದಾವಣಗೆರೆ ಬಂದ್ ಹಿಂಪಡೆಯಲಾಗಿದೆ ಎಂದು ಸಂಘಟನೆಯ ರಾಜ್ಯಾಧ್ಯಕ್ಷ ಹುಚ್ಚವ್ವನಹಳ್ಳಿ ಮಂಜುನಾಥ್ ತಿಳಿಸಿದರು. ಜಿಲ್ಲಾಧಿಕಾರಿಗಳ ಕಚೇರಿಯಲ್ಲಿ ಶುಕ್ರವಾರ ನಡೆದ ಸಭೆಯಲ್ಲಿ ಜಿಲ್ಲಾ ಉಸ್ತುವಾರಿ ಸಚಿವರು ಹಾಗೂ ಅಧಿಕಾರಿಗಳು ನಮ್ಮ ಬೇಡಿಕೆಗಳ ಬಗ್ಗೆ ಸಕಾರಾತ್ಮಕವಾಗಿ ಸ್ಪಂದಿಸಿದ್ದಾರೆ. ಆದ್ದರಿಂದ ಬಂದ್ ಹಿಂಪಡೆಯಲು ನಿರ್ಧರಿಸಲಾಗಿದೆ ಎಂದರು.
■ ಮೇ 25ರಂದು ಬಂದ್ ಮಾಡಲು ಉದ್ದೇಶಿಸಿದ್ದ ಸಂಘಟನೆ.
ಸಭೆಯಲ್ಲಿ ಅಪರ ಜಿಲ್ಲಾಧಿಕಾರಿ, ಪೊಲೀಸ್ ವರಿಷ್ಠಾಧಿಕಾರಿ, ಮಹಾನಗರ ಪಾಲಿಕೆ ಆಯುಕ್ತರು ಹಾಗೂ ಸಂಘಟನೆಯ ಪದಾಧಿಕಾರಿಗಳು ಭಾಗವಹಿಸಿದ್ದರು. ನಗರದ ಅಭಿವೃದ್ಧಿ, ರಸ್ತೆ ದುರಸ್ತಿ, ಕುಡಿಯುವ ನೀರು ಸೇರಿದಂತೆ ಹಲವು ವಿಷಯಗಳ ಬಗ್ಗೆ ಚರ್ಚಿಸಲಾಯಿತು.
ಪೂರ್ವ ಮುಂಗಾರು ಮಳೆ ಆರಂಭವಾಗಿದ್ದು ರೈತರು ಬಿತ್ತನೆಗೆ ಸಿದ್ಧತೆ ಮಾಡಿಕೊಳ್ಳುತ್ತಿದ್ದಾರೆ. ಅವರಿಗೆ ಅಗತ್ಯ ಬೀಜ, ಗೊಬ್ಬರ ಪೂರೈಕೆ ಮಾಡಬೇಕು. ಸಭೆಯಲ್ಲಿ ಸಂಘಟನೆಯ ಜಿಲ್ಲಾಧ್ಯಕ್ಷ, ನಗರಾಧ್ಯಕ್ಷ, ಮಹಿಳಾ ಘಟಕದ ಅಧ್ಯಕ್ಷೆ ಸೇರಿದಂತೆ ಅನೇಕರು ಇದ್ದರು ಎಂದು ತಿಳಿಸಿದರು.
